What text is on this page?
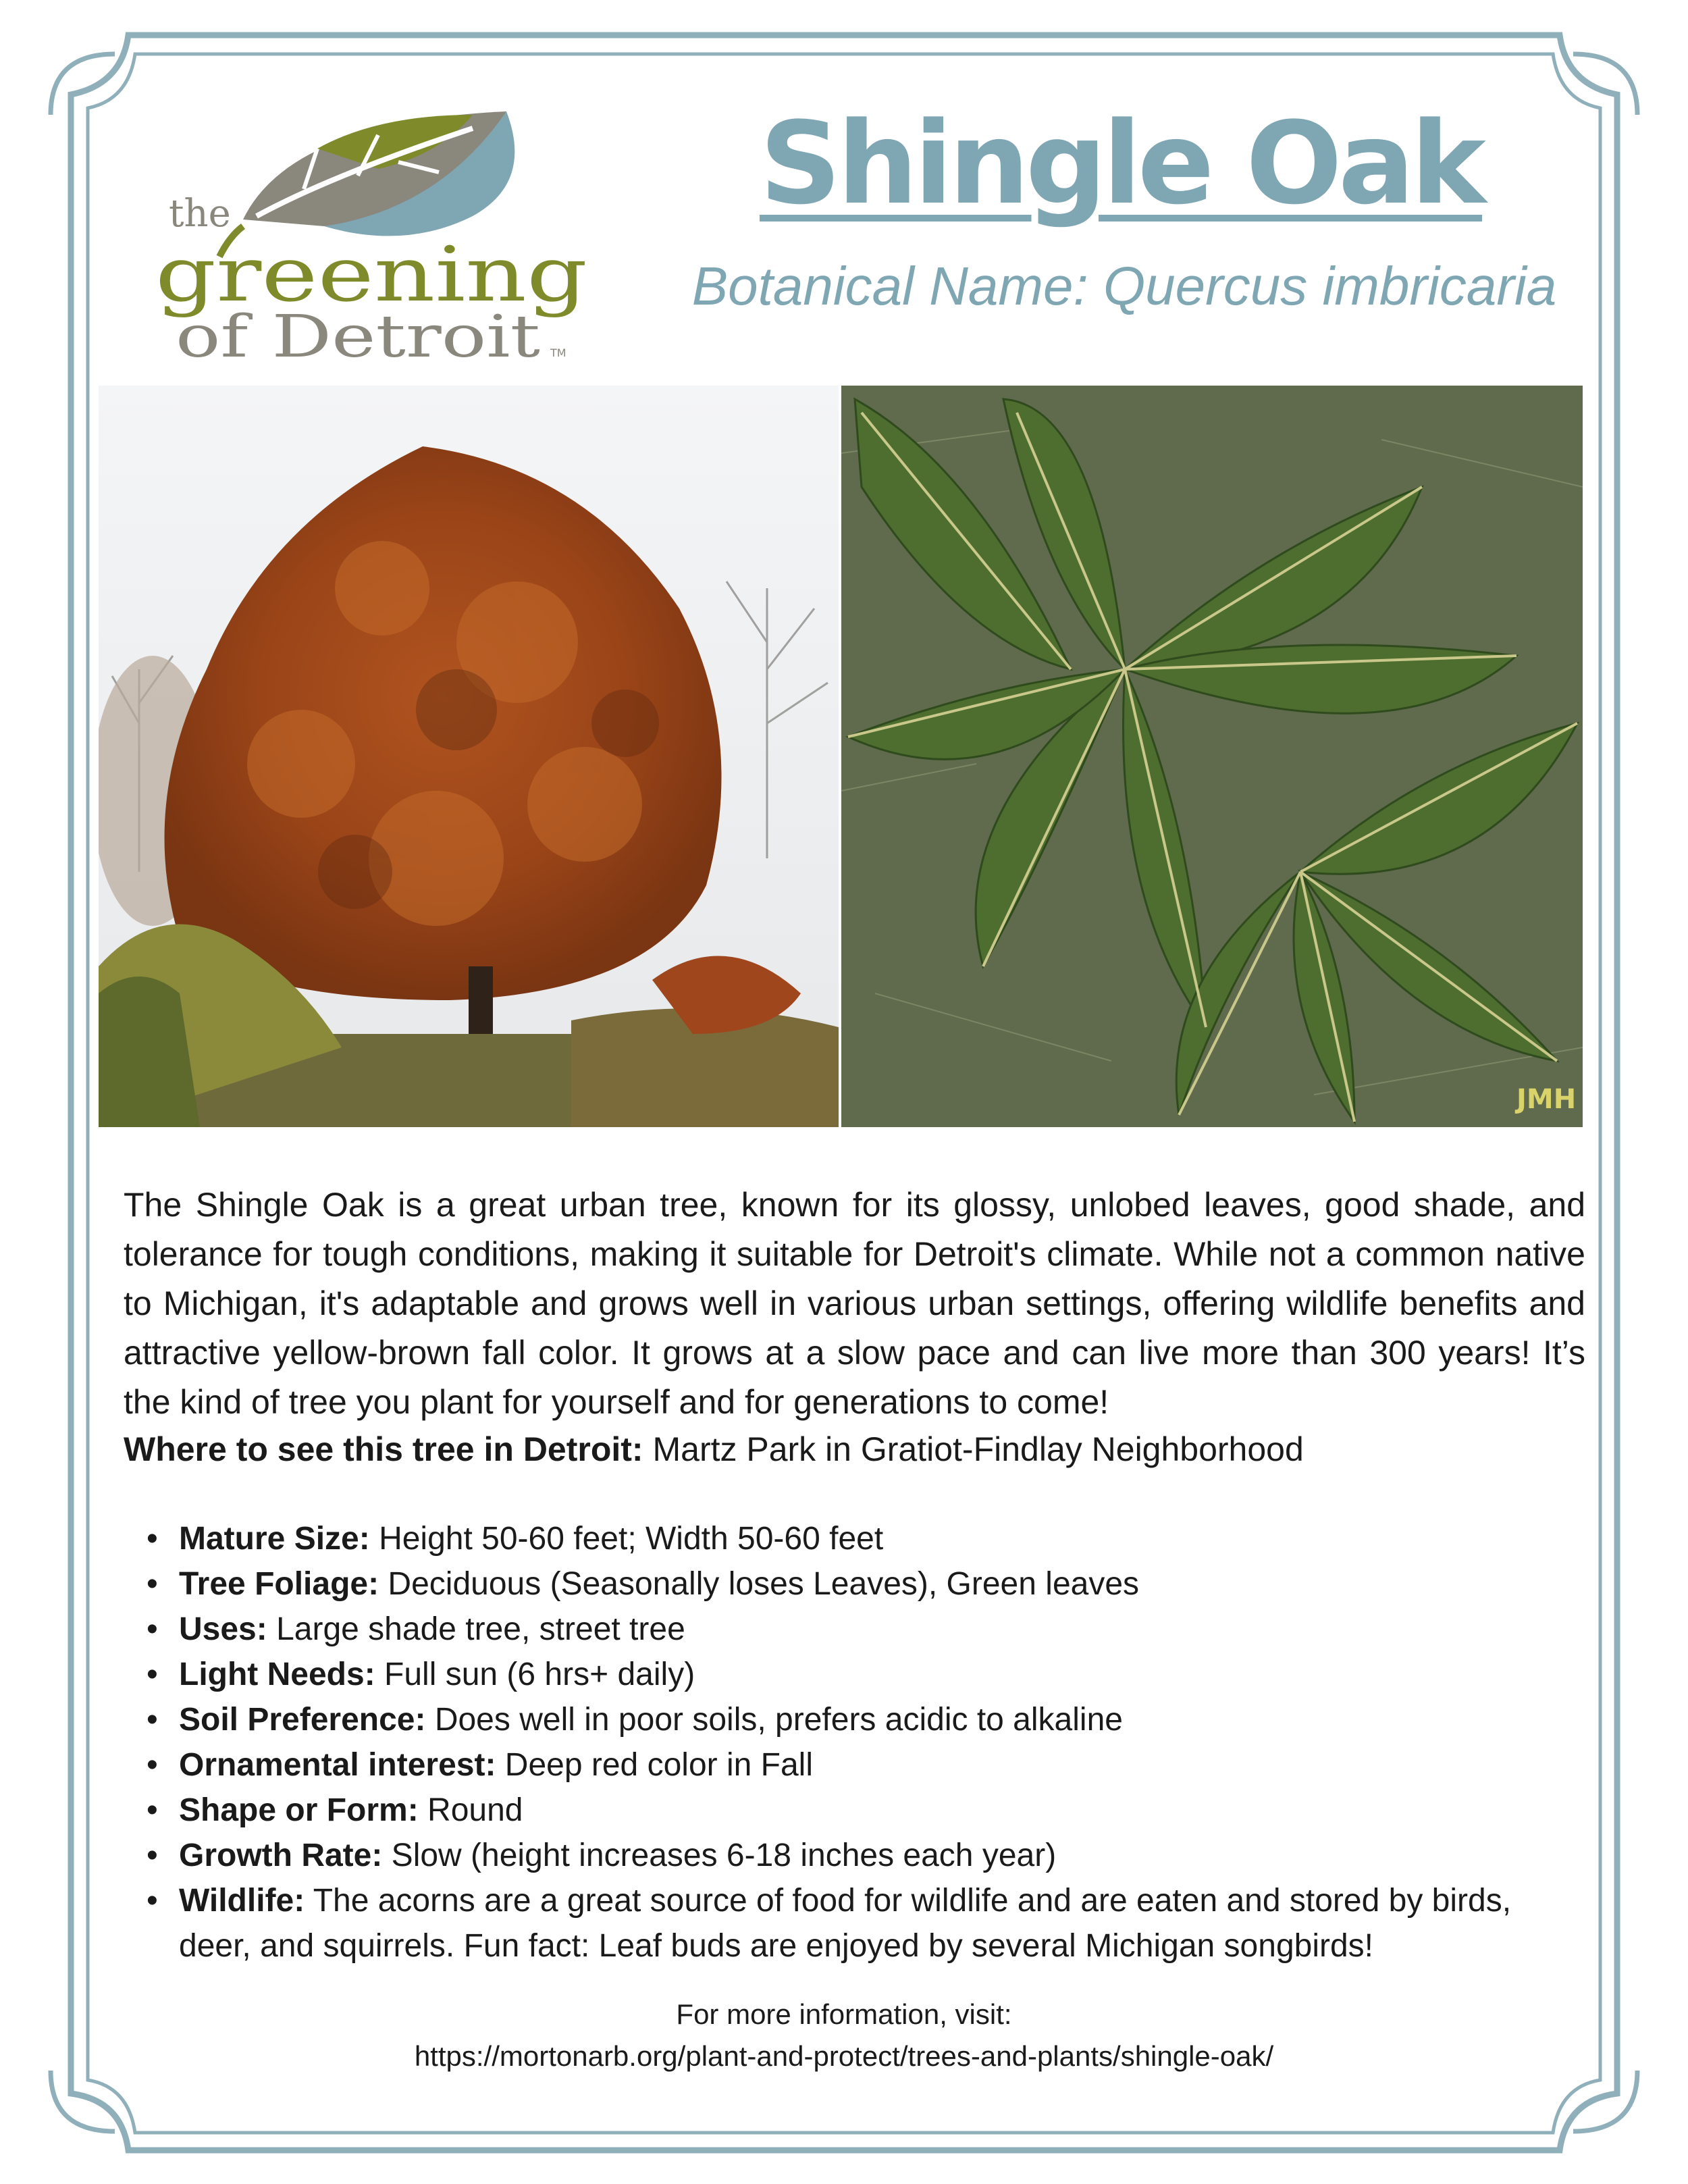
the
greening
of Detroit TM
Shingle Oak
Botanical Name: Quercus imbricaria
JMH
The Shingle Oak is a great urban tree, known for its glossy, unlobed leaves, good shade, and tolerance for tough conditions, making it suitable for Detroit's climate. While not a common native to Michigan, it's adaptable and grows well in various urban settings, offering wildlife benefits and attractive yellow-brown fall color. It grows at a slow pace and can live more than 300 years! It’s the kind of tree you plant for yourself and for generations to come!
Where to see this tree in Detroit: Martz Park in Gratiot-Findlay Neighborhood
• Mature Size: Height 50-60 feet; Width 50-60 feet
• Tree Foliage: Deciduous (Seasonally loses Leaves), Green leaves
• Uses: Large shade tree, street tree
• Light Needs: Full sun (6 hrs+ daily)
• Soil Preference: Does well in poor soils, prefers acidic to alkaline
• Ornamental interest: Deep red color in Fall
• Shape or Form: Round
• Growth Rate: Slow (height increases 6-18 inches each year)
• Wildlife: The acorns are a great source of food for wildlife and are eaten and stored by birds, deer, and squirrels. Fun fact: Leaf buds are enjoyed by several Michigan songbirds!
For more information, visit:
https://mortonarb.org/plant-and-protect/trees-and-plants/shingle-oak/
